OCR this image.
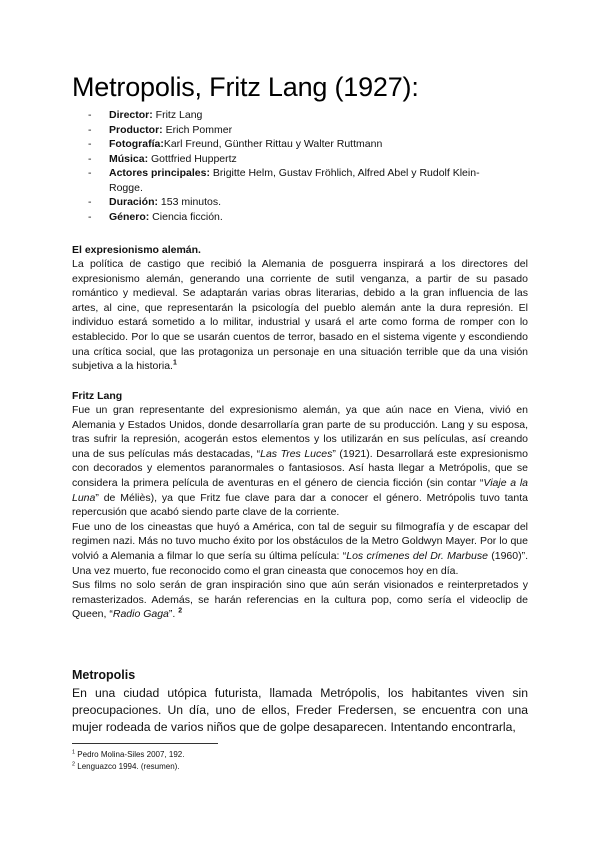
Metropolis, Fritz Lang (1927):
- Director: Fritz Lang
- Productor: Erich Pommer
- Fotografía:Karl Freund, Günther Rittau y Walter Ruttmann
- Música: Gottfried Huppertz
- Actores principales: Brigitte Helm, Gustav Fröhlich, Alfred Abel y Rudolf Klein-Rogge.
- Duración: 153 minutos.
- Género: Ciencia ficción.

El expresionismo alemán.

La política de castigo que recibió la Alemania de posguerra inspirará a los directores del expresionismo alemán, generando una corriente de sutil venganza, a partir de su pasado romántico y medieval. Se adaptarán varias obras literarias, debido a la gran influencia de las artes, al cine, que representarán la psicología del pueblo alemán ante la dura represión. El individuo estará sometido a lo militar, industrial y usará el arte como forma de romper con lo establecido. Por lo que se usarán cuentos de terror, basado en el sistema vigente y escondiendo una crítica social, que las protagoniza un personaje en una situación terrible que da una visión subjetiva a la historia.$^1$

Fritz Lang

Fue un gran representante del expresionismo alemán, ya que aún nace en Viena, vivió en Alemania y Estados Unidos, donde desarrollaría gran parte de su producción. Lang y su esposa, tras sufrir la represión, acogerán estos elementos y los utilizarán en sus películas, así creando una de sus películas más destacadas, “Las Tres Luces” (1921). Desarrollará este expresionismo con decorados y elementos paranormales o fantasiosos. Así hasta llegar a Metrópolis, que se considera la primera película de aventuras en el género de ciencia ficción (sin contar “Viaje a la Luna” de Méliès), ya que Fritz fue clave para dar a conocer el género. Metrópolis tuvo tanta repercusión que acabó siendo parte clave de la corriente.

Fue uno de los cineastas que huyó a América, con tal de seguir su filmografía y de escapar del regimen nazi. Más no tuvo mucho éxito por los obstáculos de la Metro Goldwyn Mayer. Por lo que volvió a Alemania a filmar lo que sería su última película: “Los crímenes del Dr. Marbuse (1960)”. Una vez muerto, fue reconocido como el gran cineasta que conocemos hoy en día.

Sus films no solo serán de gran inspiración sino que aún serán visionados e reinterpretados y remasterizados. Además, se harán referencias en la cultura pop, como sería el videoclip de Queen, “Radio Gaga”. $^2$

Metropolis

En una ciudad utópica futurista, llamada Metrópolis, los habitantes viven sin preocupaciones. Un día, uno de ellos, Freder Fredersen, se encuentra con una mujer rodeada de varios niños que de golpe desaparecen. Intentando encontrarla,

$^1$ Pedro Molina-Siles 2007, 192.
$^2$ Lenguazco 1994. (resumen).
